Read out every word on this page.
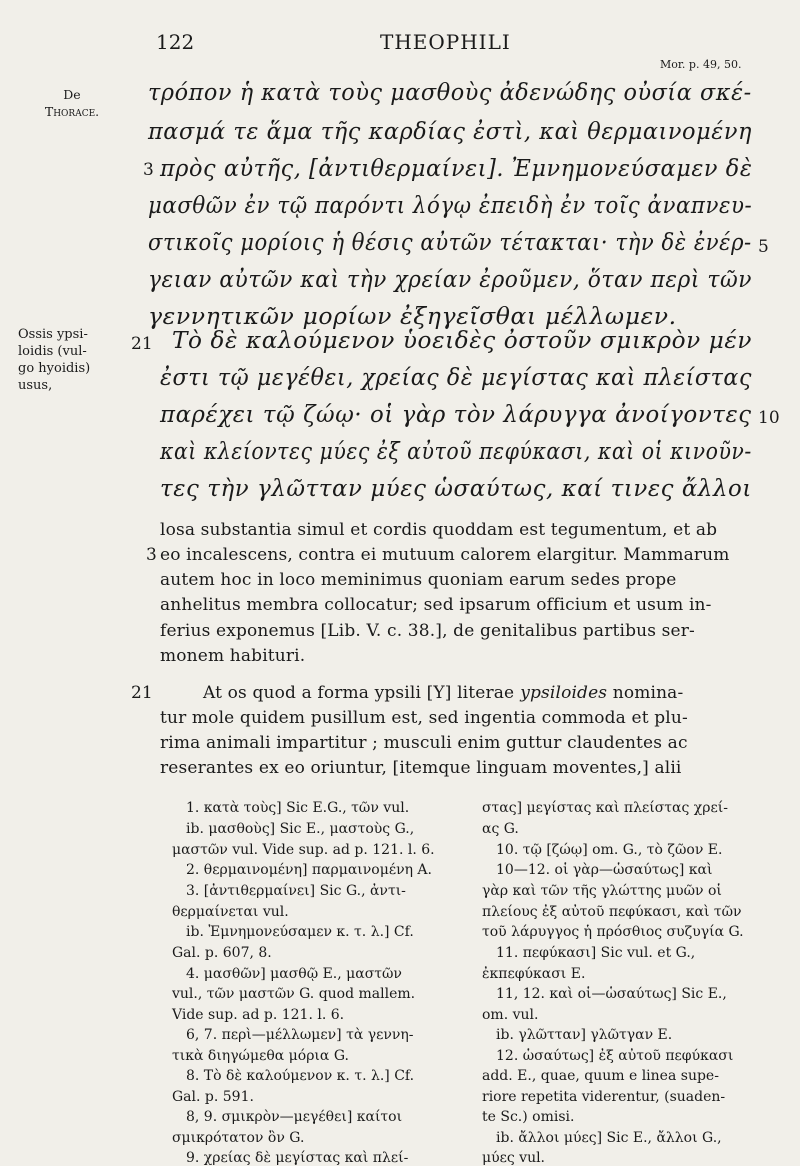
122	THEOPHILI
Mor. p. 49, 50.
De
Thorace.
Ossis ypsi-
loidis (vul-
go hyoidis)
usus,
τρόπον ἡ κατὰ τοὺς μασθοὺς ἀδενώδης οὐσία σκέ-
πασμά τε ἅμα τῆς καρδίας ἐστὶ, καὶ θερμαινομένη
3 πρὸς αὐτῆς, [ἀντιθερμαίνει]. Ἐμνημονεύσαμεν δὲ
μασθῶν ἐν τῷ παρόντι λόγῳ ἐπειδὴ ἐν τοῖς ἀναπνευ-
στικοῖς μορίοις ἡ θέσις αὐτῶν τέτακται· τὴν δὲ ἐνέρ- 5
γειαν αὐτῶν καὶ τὴν χρείαν ἐροῦμεν, ὅταν περὶ τῶν
γεννητικῶν μορίων ἐξηγεῖσθαι μέλλωμεν.
21 Τὸ δὲ καλούμενον ὑοειδὲς ὀστοῦν σμικρὸν μέν
ἐστι τῷ μεγέθει, χρείας δὲ μεγίστας καὶ πλείστας
παρέχει τῷ ζώῳ· οἱ γὰρ τὸν λάρυγγα ἀνοίγοντες 10
καὶ κλείοντες μύες ἐξ αὐτοῦ πεφύκασι, καὶ οἱ κινοῦν-
τες τὴν γλῶτταν μύες ὡσαύτως, καί τινες ἄλλοι
losa substantia simul et cordis quoddam est tegumentum, et ab
3 eo incalescens, contra ei mutuum calorem elargitur. Mammarum
autem hoc in loco meminimus quoniam earum sedes prope
anhelitus membra collocatur; sed ipsarum officium et usum in-
ferius exponemus [Lib. V. c. 38.], de genitalibus partibus ser-
monem habituri.
21	At os quod a forma ypsili [Υ] literae ypsiloides nomina-
tur mole quidem pusillum est, sed ingentia commoda et plu-
rima animali impartitur ; musculi enim guttur claudentes ac
reserantes ex eo oriuntur, [itemque linguam moventes,] alii
1. κατὰ τοὺς] Sic E.G., τῶν vul.
ib. μασθοὺς] Sic E., μαστοὺς G.,
μαστῶν vul. Vide sup. ad p. 121. l. 6.
2. θερμαινομένη] παρμαινομένη A.
3. [ἀντιθερμαίνει] Sic G., ἀντι-
θερμαίνεται vul.
ib. Ἐμνημονεύσαμεν κ. τ. λ.] Cf.
Gal. p. 607, 8.
4. μασθῶν] μασθῷ E., μαστῶν
vul., τῶν μαστῶν G. quod mallem.
Vide sup. ad p. 121. l. 6.
6, 7. περὶ—μέλλωμεν] τὰ γεννη-
τικὰ διηγώμεθα μόρια G.
8. Τὸ δὲ καλούμενον κ. τ. λ.] Cf.
Gal. p. 591.
8, 9. σμικρὸν—μεγέθει] καίτοι
σμικρότατον ὂν G.
9. χρείας δὲ μεγίστας καὶ πλεί-
στας] μεγίστας καὶ πλείστας χρεί-
ας G.
10. τῷ [ζώῳ] om. G., τὸ ζῶον E.
10—12. οἱ γὰρ—ὡσαύτως] καὶ
γὰρ καὶ τῶν τῆς γλώττης μυῶν οἱ
πλείους ἐξ αὐτοῦ πεφύκασι, καὶ τῶν
τοῦ λάρυγγος ἡ πρόσθιος συζυγία G.
11. πεφύκασι] Sic vul. et G.,
ἐκπεφύκασι E.
11, 12. καὶ οἱ—ὡσαύτως] Sic E.,
om. vul.
ib. γλῶτταν] γλῶτγαν E.
12. ὡσαύτως] ἐξ αὐτοῦ πεφύκασι
add. E., quae, quum e linea supe-
riore repetita viderentur, (suaden-
te Sc.) omisi.
ib. ἄλλοι μύες] Sic E., ἄλλοι G.,
μύες vul.
